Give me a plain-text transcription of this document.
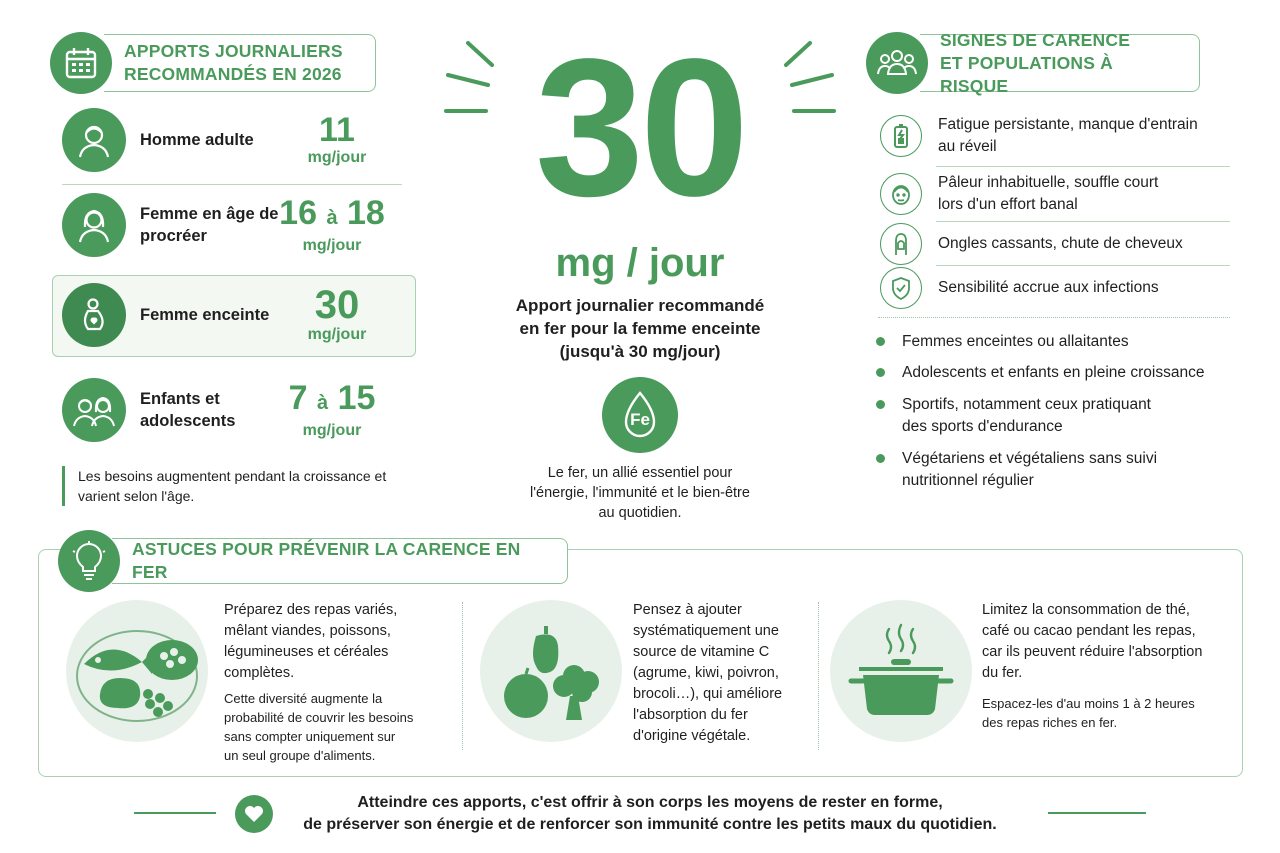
APPORTS JOURNALIERS
RECOMMANDÉS EN 2026
Homme adulte	11
mg/jour
Femme en âge de procréer
16 à 18
mg/jour
Femme enceinte	30
mg/jour
Enfants et adolescents
7 à 15
mg/jour
Les besoins augmentent pendant la croissance et varient selon l'âge.
30
mg / jour
Apport journalier recommandé
en fer pour la femme enceinte
(jusqu'à 30 mg/jour)
Fe
Le fer, un allié essentiel pour
l'énergie, l'immunité et le bien-être
au quotidien.
SIGNES DE CARENCE
ET POPULATIONS À RISQUE
Fatigue persistante, manque d'entrain
au réveil
Pâleur inhabituelle, souffle court
lors d'un effort banal
Ongles cassants, chute de cheveux
Sensibilité accrue aux infections
Femmes enceintes ou allaitantes
Adolescents et enfants en pleine croissance
Sportifs, notamment ceux pratiquant
des sports d'endurance
Végétariens et végétaliens sans suivi
nutritionnel régulier
ASTUCES POUR PRÉVENIR LA CARENCE EN FER
Préparez des repas variés,
mêlant viandes, poissons,
légumineuses et céréales
complètes.
Cette diversité augmente la
probabilité de couvrir les besoins
sans compter uniquement sur
un seul groupe d'aliments.
Pensez à ajouter
systématiquement une
source de vitamine C
(agrume, kiwi, poivron,
brocoli…), qui améliore
l'absorption du fer
d'origine végétale.
Limitez la consommation de thé,
café ou cacao pendant les repas,
car ils peuvent réduire l'absorption
du fer.
Espacez-les d'au moins 1 à 2 heures
des repas riches en fer.
Atteindre ces apports, c'est offrir à son corps les moyens de rester en forme,
de préserver son énergie et de renforcer son immunité contre les petits maux du quotidien.
